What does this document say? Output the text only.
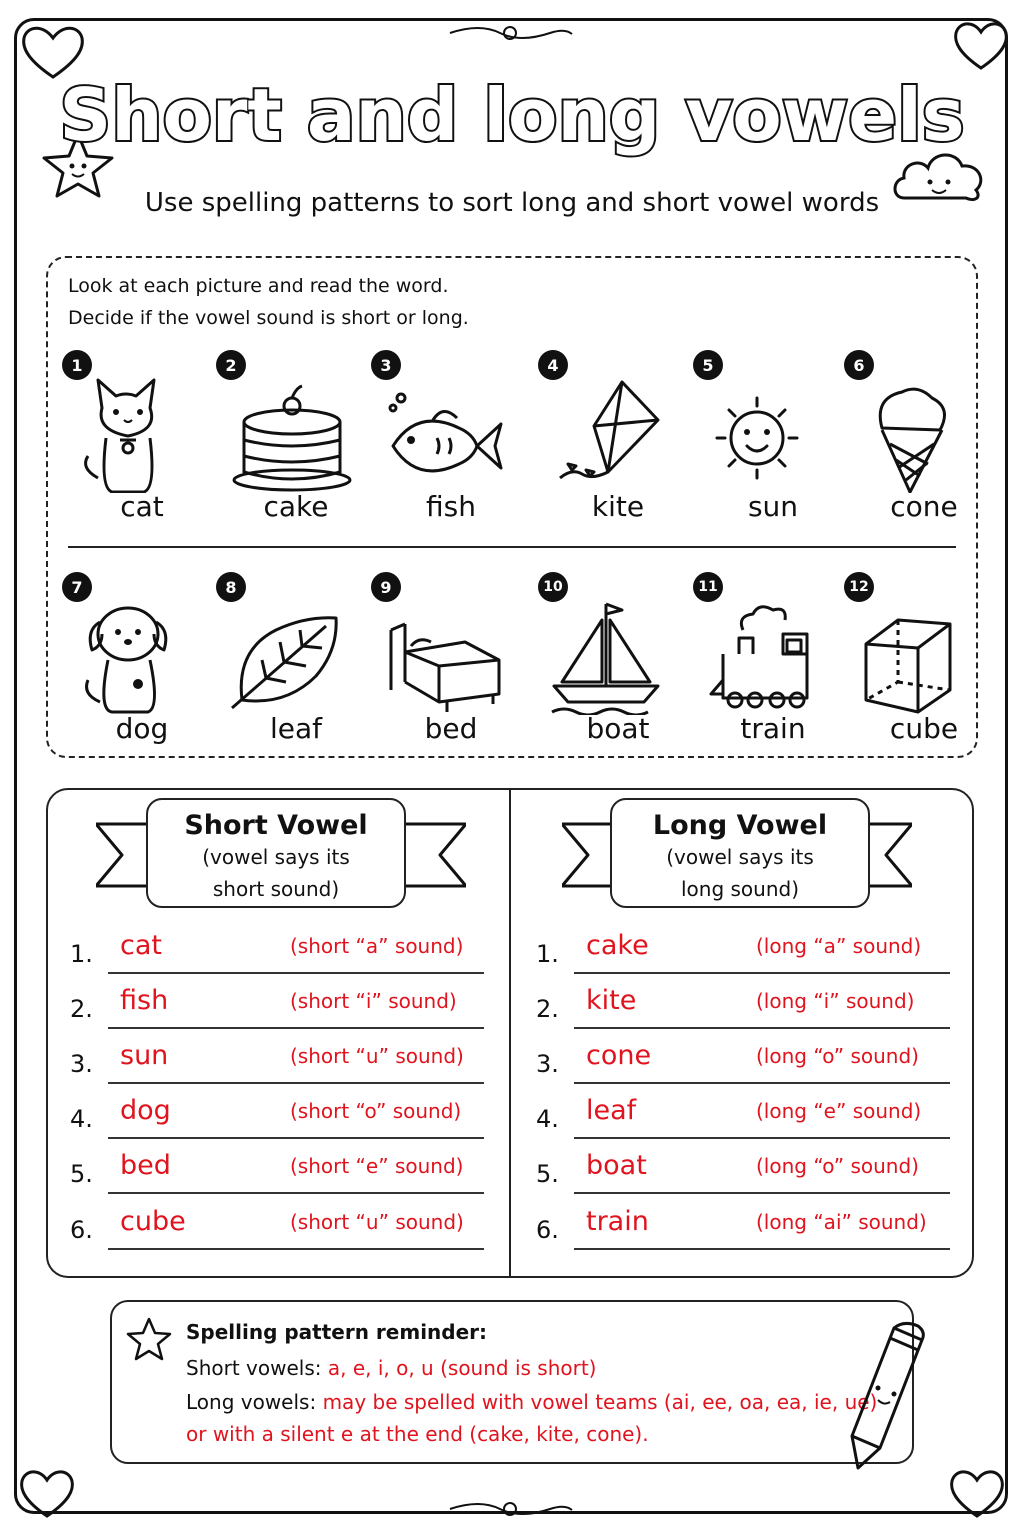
Short and long vowels
Use spelling patterns to sort long and short vowel words
Look at each picture and read the word.
Decide if the vowel sound is short or long.
1
cat
2
cake
3
fish
4
kite
5
sun
6
cone
7
dog
8
leaf
9
bed
10
boat
11
train
12
cube
Short Vowel
(vowel says its
short sound)
Long Vowel
(vowel says its
long sound)
1. cat	(short “a” sound)
2. fish	(short “i” sound)
3. sun	(short “u” sound)
4. dog	(short “o” sound)
5. bed	(short “e” sound)
6. cube	(short “u” sound)
1. cake	(long “a” sound)
2. kite	(long “i” sound)
3. cone	(long “o” sound)
4. leaf	(long “e” sound)
5. boat	(long “o” sound)
6. train	(long “ai” sound)
Spelling pattern reminder:
Short vowels: a, e, i, o, u (sound is short)
Long vowels: may be spelled with vowel teams (ai, ee, oa, ea, ie, ue)
or with a silent e at the end (cake, kite, cone).
